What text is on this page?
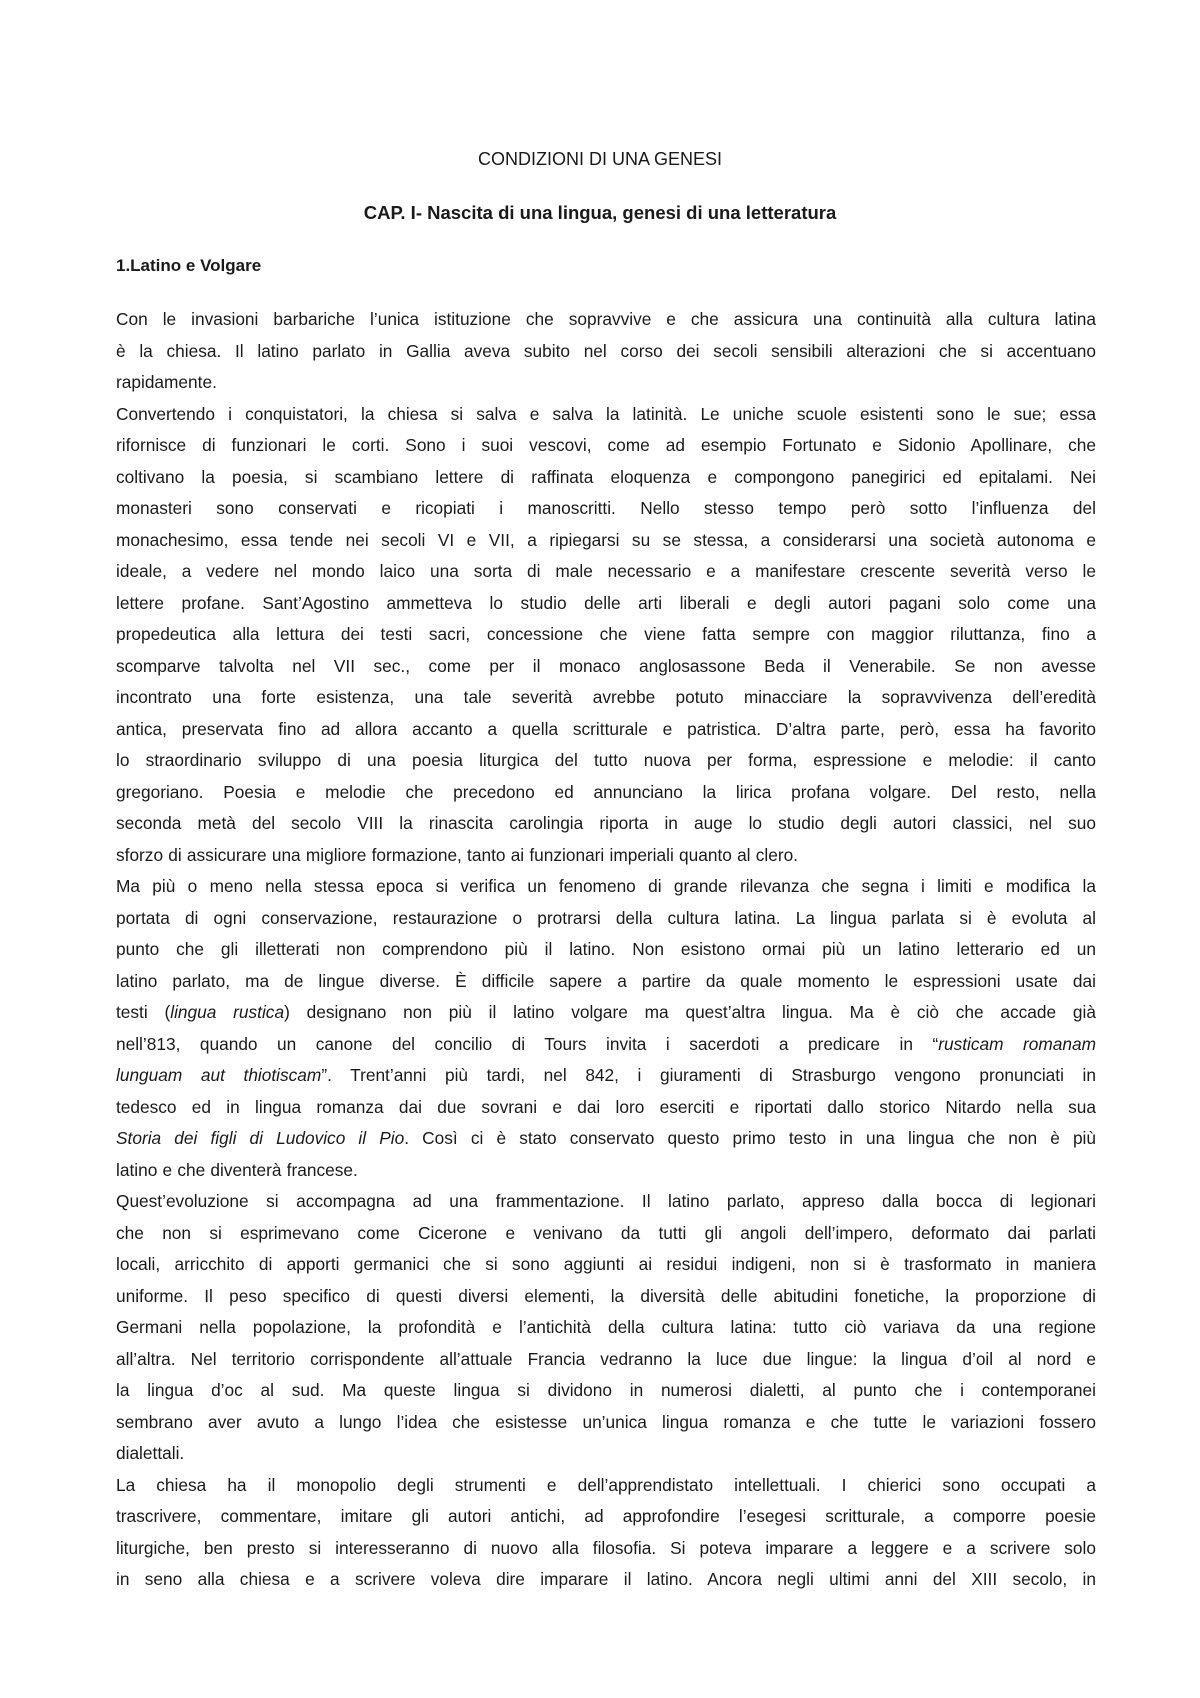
CONDIZIONI DI UNA GENESI
CAP. I- Nascita di una lingua, genesi di una letteratura
1.Latino e Volgare
Con le invasioni barbariche l’unica istituzione che sopravvive e che assicura una continuità alla cultura latina
è la chiesa. Il latino parlato in Gallia aveva subito nel corso dei secoli sensibili alterazioni che si accentuano
rapidamente.
Convertendo i conquistatori, la chiesa si salva e salva la latinità. Le uniche scuole esistenti sono le sue; essa
rifornisce di funzionari le corti. Sono i suoi vescovi, come ad esempio Fortunato e Sidonio Apollinare, che
coltivano la poesia, si scambiano lettere di raffinata eloquenza e compongono panegirici ed epitalami. Nei
monasteri sono conservati e ricopiati i manoscritti. Nello stesso tempo però sotto l’influenza del
monachesimo, essa tende nei secoli VI e VII, a ripiegarsi su se stessa, a considerarsi una società autonoma e
ideale, a vedere nel mondo laico una sorta di male necessario e a manifestare crescente severità verso le
lettere profane. Sant’Agostino ammetteva lo studio delle arti liberali e degli autori pagani solo come una
propedeutica alla lettura dei testi sacri, concessione che viene fatta sempre con maggior riluttanza, fino a
scomparve talvolta nel VII sec., come per il monaco anglosassone Beda il Venerabile. Se non avesse
incontrato una forte esistenza, una tale severità avrebbe potuto minacciare la sopravvivenza dell’eredità
antica, preservata fino ad allora accanto a quella scritturale e patristica. D’altra parte, però, essa ha favorito
lo straordinario sviluppo di una poesia liturgica del tutto nuova per forma, espressione e melodie: il canto
gregoriano. Poesia e melodie che precedono ed annunciano la lirica profana volgare. Del resto, nella
seconda metà del secolo VIII la rinascita carolingia riporta in auge lo studio degli autori classici, nel suo
sforzo di assicurare una migliore formazione, tanto ai funzionari imperiali quanto al clero.
Ma più o meno nella stessa epoca si verifica un fenomeno di grande rilevanza che segna i limiti e modifica la
portata di ogni conservazione, restaurazione o protrarsi della cultura latina. La lingua parlata si è evoluta al
punto che gli illetterati non comprendono più il latino. Non esistono ormai più un latino letterario ed un
latino parlato, ma de lingue diverse. È difficile sapere a partire da quale momento le espressioni usate dai
testi (lingua rustica) designano non più il latino volgare ma quest’altra lingua. Ma è ciò che accade già
nell’813, quando un canone del concilio di Tours invita i sacerdoti a predicare in “rusticam romanam
lunguam aut thiotiscam”. Trent’anni più tardi, nel 842, i giuramenti di Strasburgo vengono pronunciati in
tedesco ed in lingua romanza dai due sovrani e dai loro eserciti e riportati dallo storico Nitardo nella sua
Storia dei figli di Ludovico il Pio. Così ci è stato conservato questo primo testo in una lingua che non è più
latino e che diventerà francese.
Quest’evoluzione si accompagna ad una frammentazione. Il latino parlato, appreso dalla bocca di legionari
che non si esprimevano come Cicerone e venivano da tutti gli angoli dell’impero, deformato dai parlati
locali, arricchito di apporti germanici che si sono aggiunti ai residui indigeni, non si è trasformato in maniera
uniforme. Il peso specifico di questi diversi elementi, la diversità delle abitudini fonetiche, la proporzione di
Germani nella popolazione, la profondità e l’antichità della cultura latina: tutto ciò variava da una regione
all’altra. Nel territorio corrispondente all’attuale Francia vedranno la luce due lingue: la lingua d’oil al nord e
la lingua d’oc al sud. Ma queste lingua si dividono in numerosi dialetti, al punto che i contemporanei
sembrano aver avuto a lungo l’idea che esistesse un’unica lingua romanza e che tutte le variazioni fossero
dialettali.
La chiesa ha il monopolio degli strumenti e dell’apprendistato intellettuali. I chierici sono occupati a
trascrivere, commentare, imitare gli autori antichi, ad approfondire l’esegesi scritturale, a comporre poesie
liturgiche, ben presto si interesseranno di nuovo alla filosofia. Si poteva imparare a leggere e a scrivere solo
in seno alla chiesa e a scrivere voleva dire imparare il latino. Ancora negli ultimi anni del XIII secolo, in
